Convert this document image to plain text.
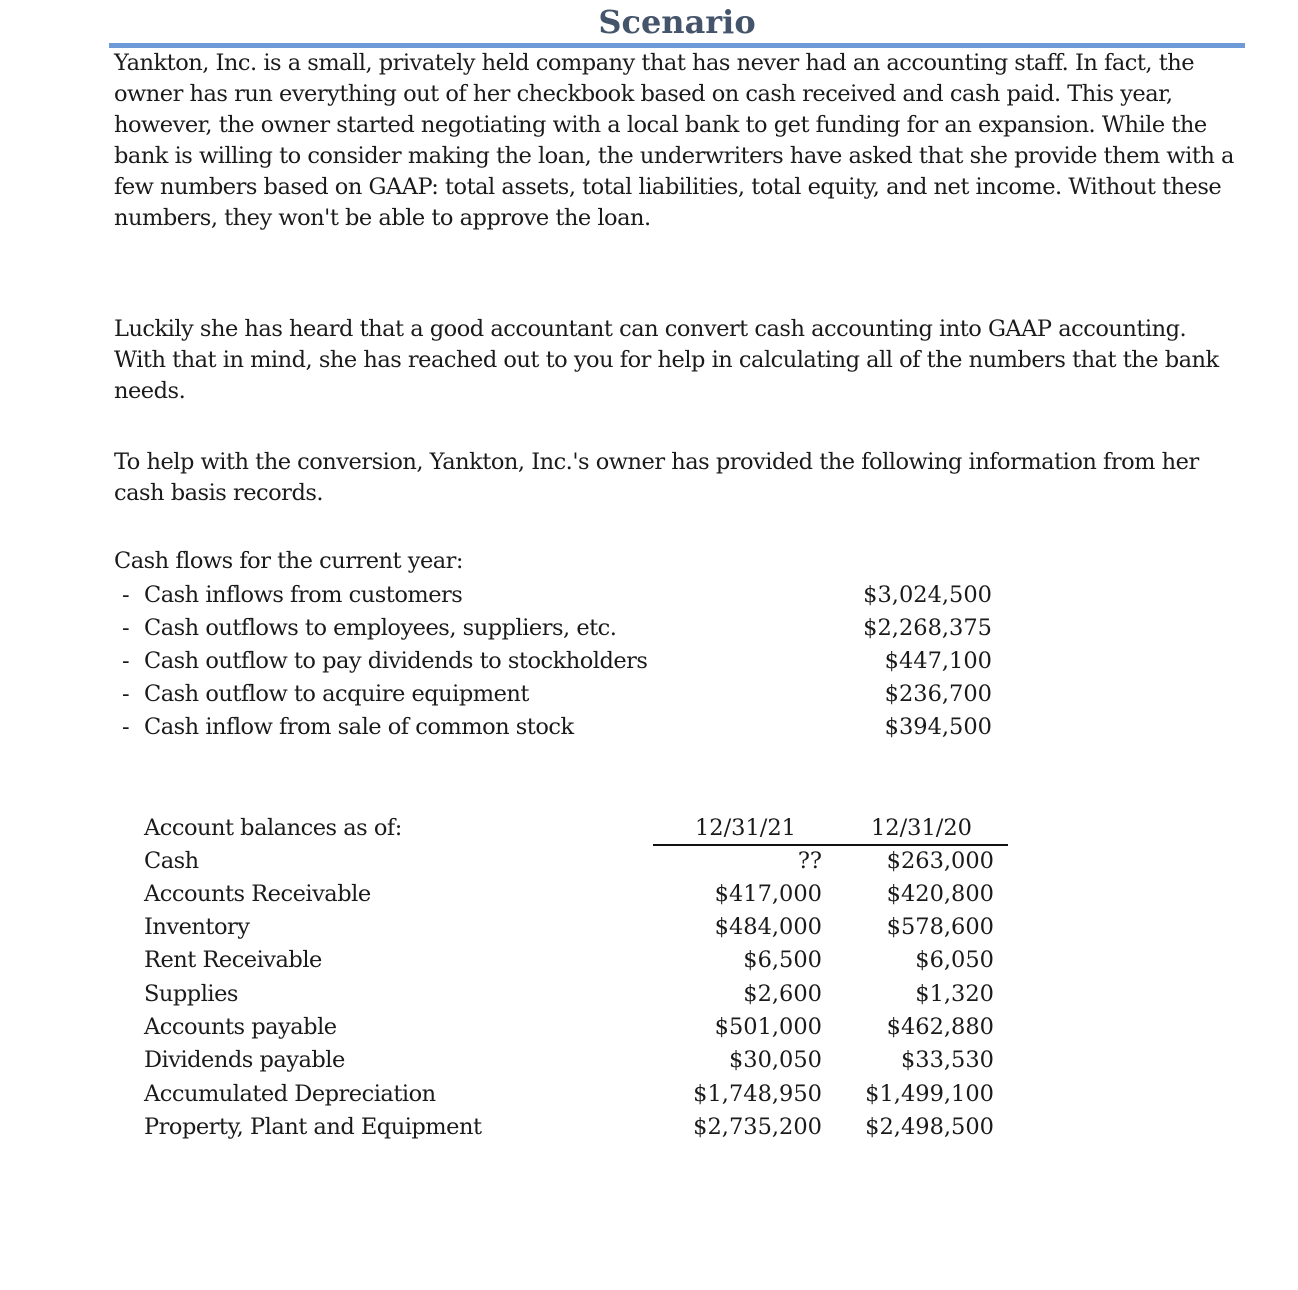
Scenario

Yankton, Inc. is a small, privately held company that has never had an accounting staff. In fact, the owner has run everything out of her checkbook based on cash received and cash paid. This year, however, the owner started negotiating with a local bank to get funding for an expansion. While the bank is willing to consider making the loan, the underwriters have asked that she provide them with a few numbers based on GAAP: total assets, total liabilities, total equity, and net income. Without these numbers, they won't be able to approve the loan.

Luckily she has heard that a good accountant can convert cash accounting into GAAP accounting. With that in mind, she has reached out to you for help in calculating all of the numbers that the bank needs.

To help with the conversion, Yankton, Inc.'s owner has provided the following information from her cash basis records.

Cash flows for the current year:
- Cash inflows from customers	$3,024,500
- Cash outflows to employees, suppliers, etc.	$2,268,375
- Cash outflow to pay dividends to stockholders	$447,100
- Cash outflow to acquire equipment	$236,700
- Cash inflow from sale of common stock	$394,500
Account balances as of:	12/31/21	12/31/20
Cash	??	$263,000
Accounts Receivable	$417,000	$420,800
Inventory	$484,000	$578,600
Rent Receivable	$6,500	$6,050
Supplies	$2,600	$1,320
Accounts payable	$501,000	$462,880
Dividends payable	$30,050	$33,530
Accumulated Depreciation	$1,748,950 $1,499,100
Property, Plant and Equipment	$2,735,200 $2,498,500
